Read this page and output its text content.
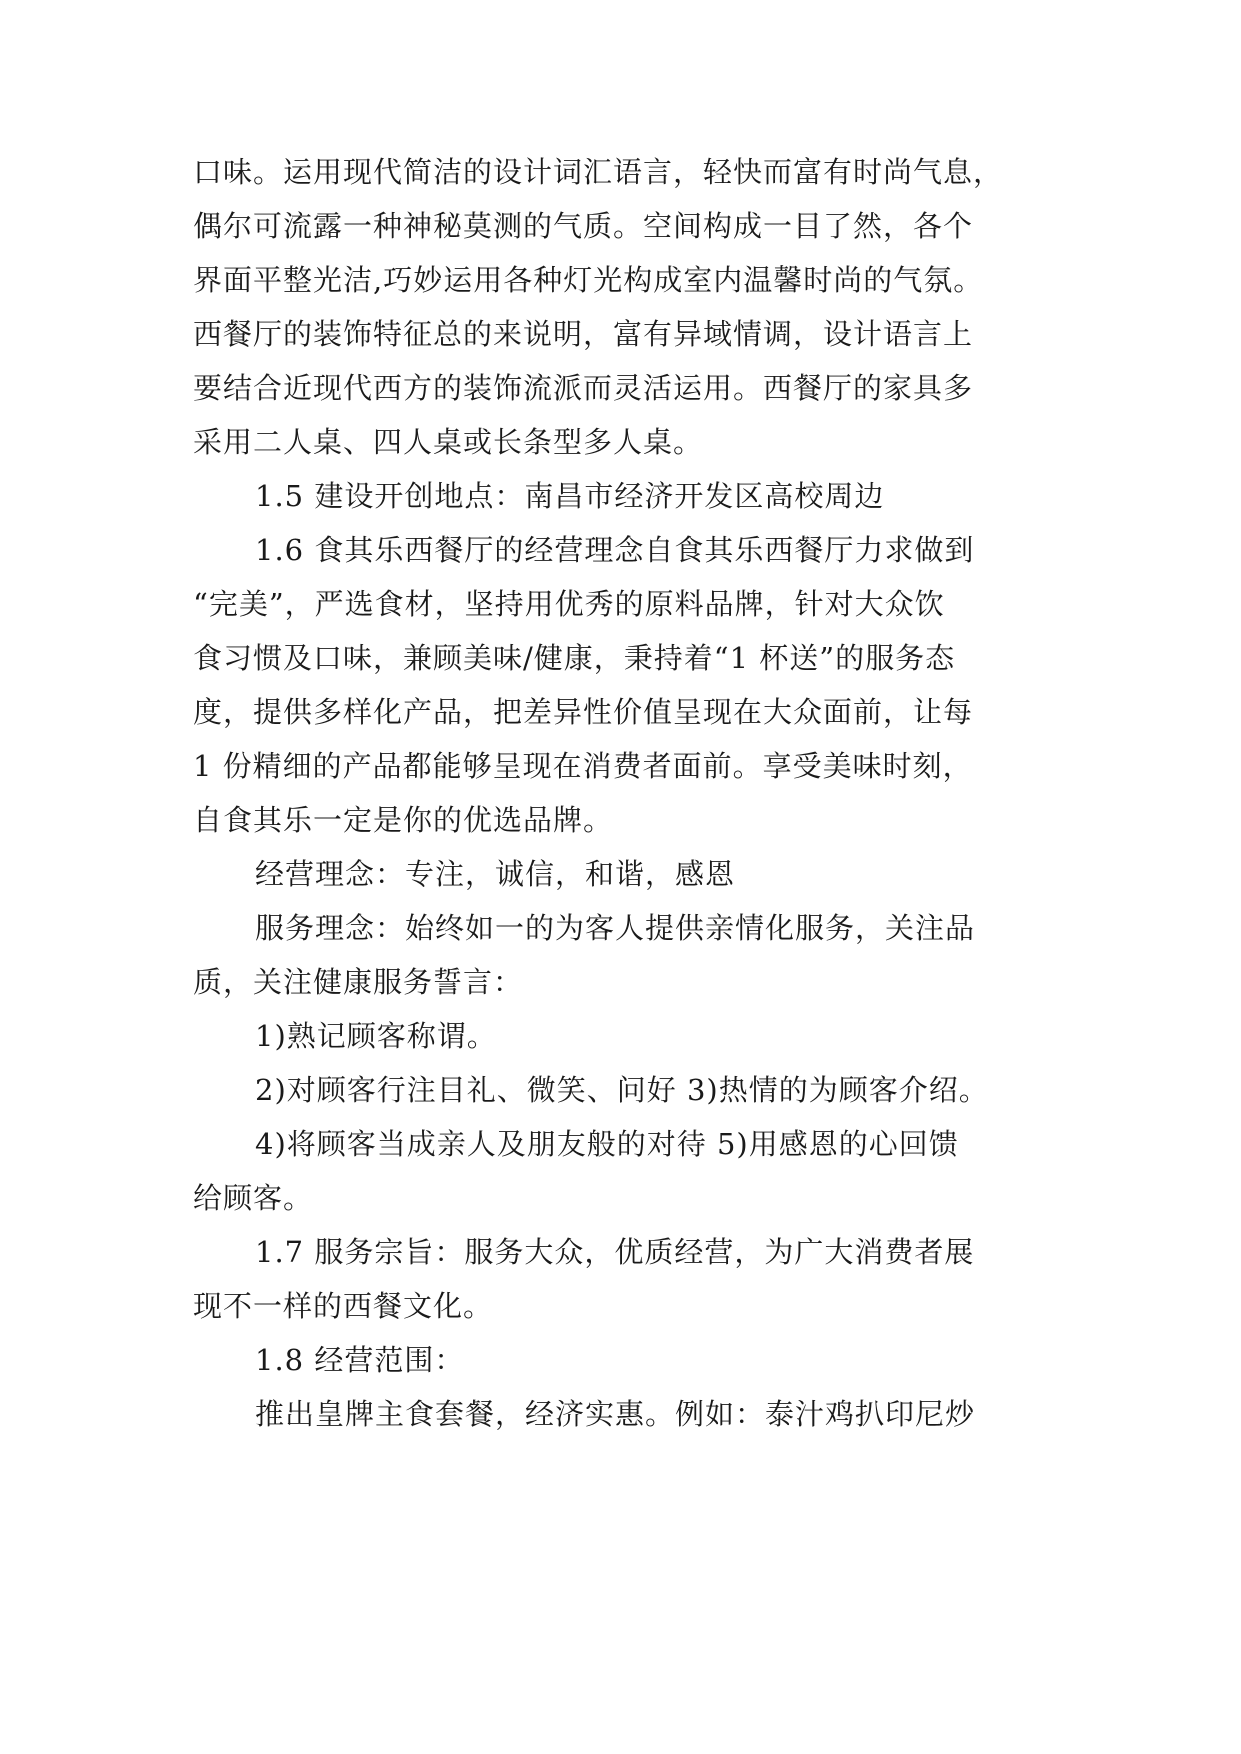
口味。运用现代简洁的设计词汇语言，轻快而富有时尚气息，
偶尔可流露一种神秘莫测的气质。空间构成一目了然，各个
界面平整光洁,巧妙运用各种灯光构成室内温馨时尚的气氛。
西餐厅的装饰特征总的来说明，富有异域情调，设计语言上
要结合近现代西方的装饰流派而灵活运用。西餐厅的家具多
采用二人桌、四人桌或长条型多人桌。
1.5 建设开创地点：南昌市经济开发区高校周边
1.6 食其乐西餐厅的经营理念自食其乐西餐厅力求做到
“完美”，严选食材，坚持用优秀的原料品牌，针对大众饮
食习惯及口味，兼顾美味/健康，秉持着“1 杯送”的服务态
度，提供多样化产品，把差异性价值呈现在大众面前，让每
1 份精细的产品都能够呈现在消费者面前。享受美味时刻，
自食其乐一定是你的优选品牌。
经营理念：专注，诚信，和谐，感恩
服务理念：始终如一的为客人提供亲情化服务，关注品
质，关注健康服务誓言：
1)熟记顾客称谓。
2)对顾客行注目礼、微笑、问好 3)热情的为顾客介绍。
4)将顾客当成亲人及朋友般的对待 5)用感恩的心回馈
给顾客。
1.7 服务宗旨：服务大众，优质经营，为广大消费者展
现不一样的西餐文化。
1.8 经营范围：
推出皇牌主食套餐，经济实惠。例如：泰汁鸡扒印尼炒
